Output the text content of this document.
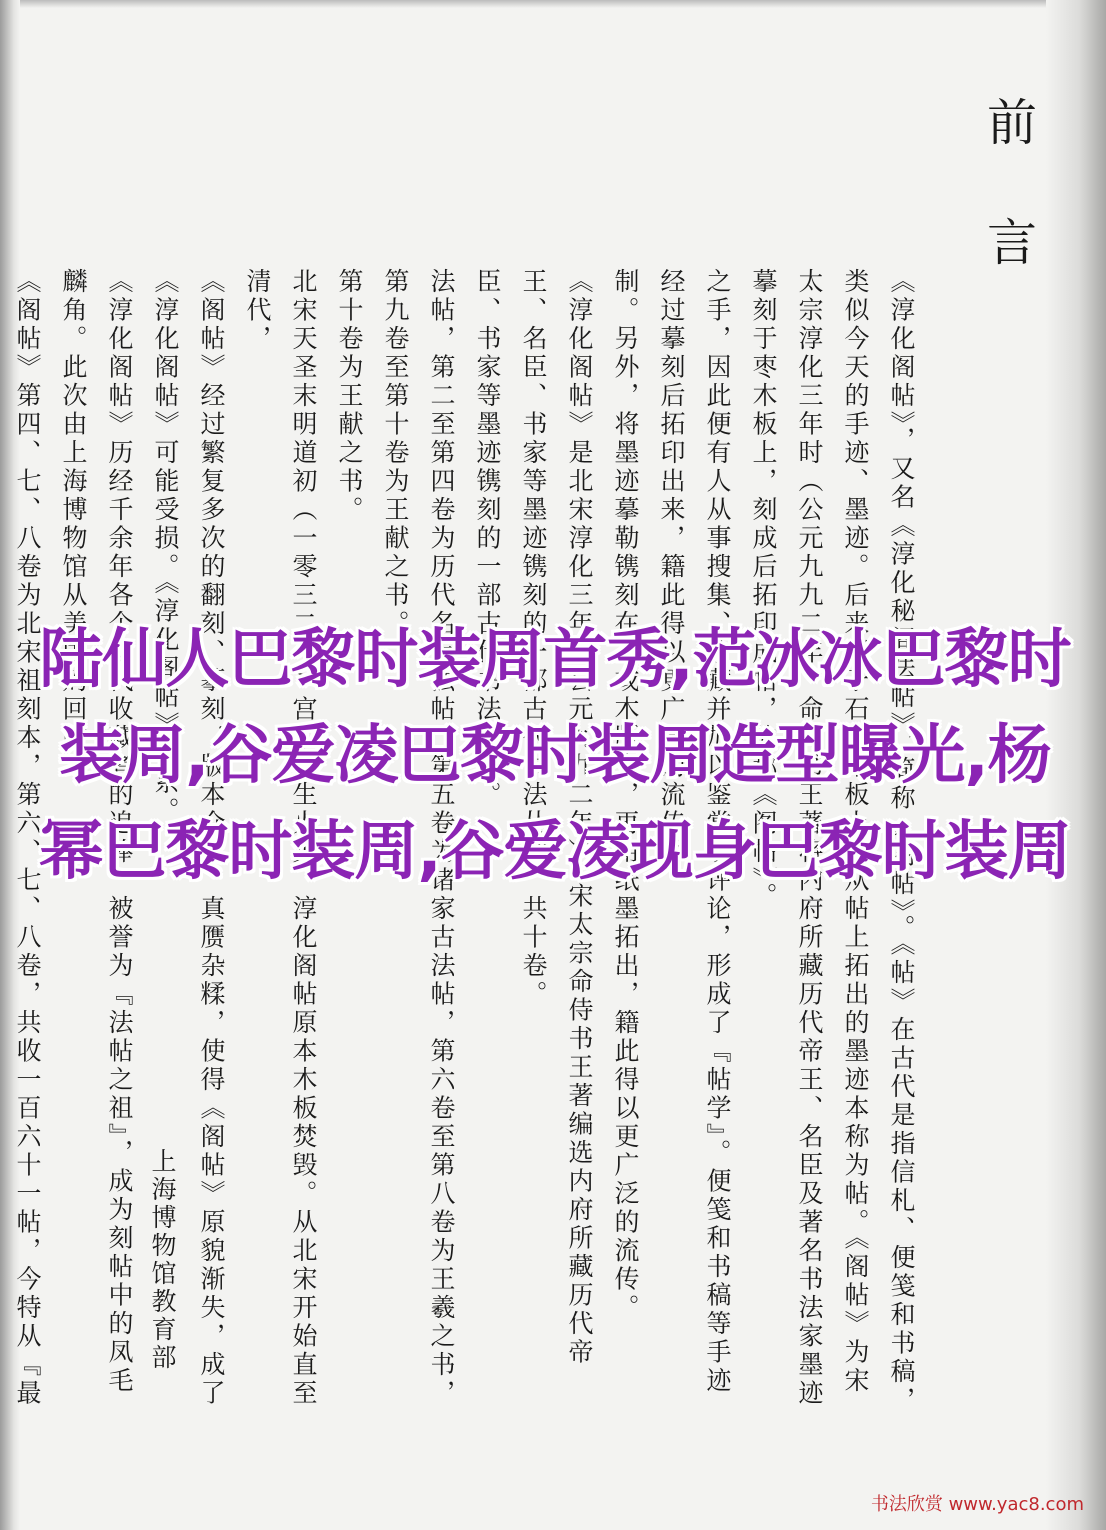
前言

《淳化阁帖》，又名《淳化秘阁法帖》，简称《阁帖》。《帖》在古代是指信札、便笺和书稿，类似今天的手迹、墨迹。后来刻于石或木板上，从帖上拓出的墨迹本称为帖。《阁帖》为宋太宗淳化三年时（公元九九二年）命侍书王著将内府所藏历代帝王、名臣及著名书法家墨迹摹刻于枣木板上，刻成后拓印成帖，故称《阁帖》。

之手，因此便有人从事搜集、收藏并加以鉴赏或评论，形成了『帖学』。便笺和书稿等手迹经过摹刻后拓印出来，籍此得以更广泛的流传。

制。另外，将墨迹摹勒镌刻在石或木版上，再用纸墨拓出，籍此得以更广泛的流传。

《淳化阁帖》是北宋淳化三年（公元九九二年），宋太宗命侍书王著编选内府所藏历代帝王、名臣、书家等墨迹镌刻的一部古代书法丛帖，共十卷。

臣、书家等墨迹镌刻的一部古代书法丛帖。

法帖，第二至第四卷为历代名臣法帖，第五卷为诸家古法帖，第六卷至第八卷为王羲之书，第九卷至第十卷为王献之书。

第十卷为王献之书。

北宋天圣末明道初（一零三二年）宫中发生火灾，淳化阁帖原本木板焚毁。从北宋开始直至清代，

《阁帖》经过繁复多次的翻刻、摹刻，版本众多，真赝杂糅，使得《阁帖》原貌渐失，成了《淳化阁帖》可能受损。《淳化阁帖》谱系。

《淳化阁帖》历经千余年各个朝代收藏者的追捧，被誉为『法帖之祖』，成为刻帖中的凤毛麟角。此次由上海博物馆从美国购回的

《阁帖》第四、七、八卷为北宋祖刻本，第六、七、八卷，共收一百六十一帖，今特从『最

上海博物馆教育部
陆仙人巴黎时装周首秀,范冰冰巴黎时装周,谷爱凌巴黎时装周造型曝光,杨幂巴黎时装周,谷爱凌现身巴黎时装周
书法欣赏 www.yac8.com
